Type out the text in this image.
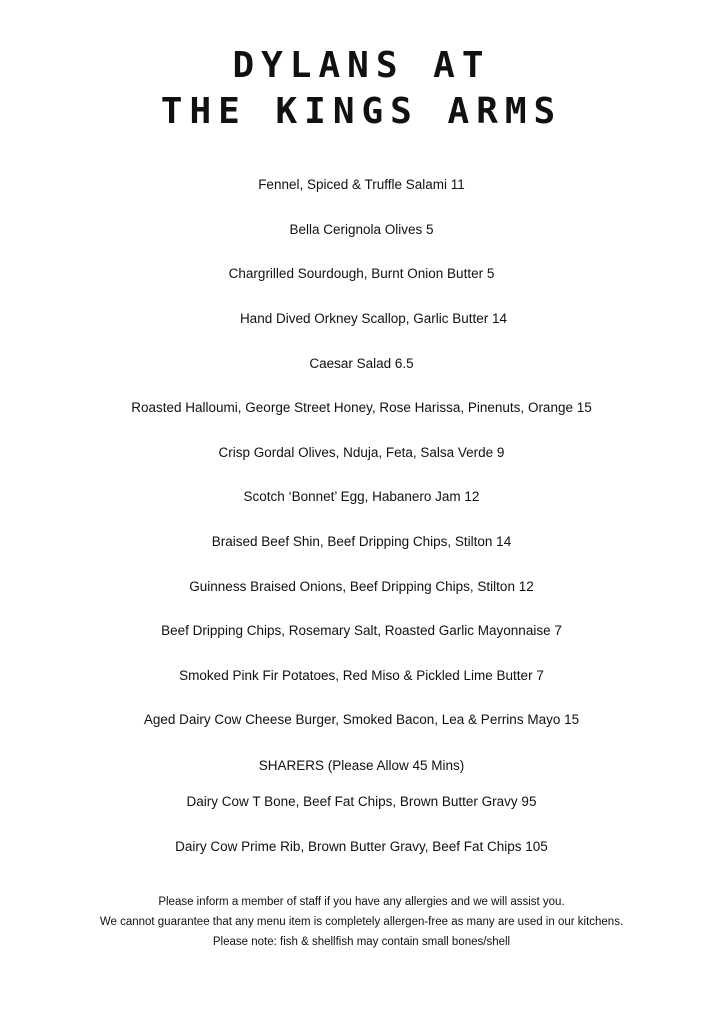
DYLANS AT
THE KINGS ARMS
Fennel, Spiced & Truffle Salami 11
Bella Cerignola Olives 5
Chargrilled Sourdough, Burnt Onion Butter 5
Hand Dived Orkney Scallop, Garlic Butter 14
Caesar Salad 6.5
Roasted Halloumi, George Street Honey, Rose Harissa, Pinenuts, Orange 15
Crisp Gordal Olives, Nduja, Feta, Salsa Verde 9
Scotch ‘Bonnet’ Egg, Habanero Jam 12
Braised Beef Shin, Beef Dripping Chips, Stilton 14
Guinness Braised Onions, Beef Dripping Chips, Stilton 12
Beef Dripping Chips, Rosemary Salt, Roasted Garlic Mayonnaise 7
Smoked Pink Fir Potatoes, Red Miso & Pickled Lime Butter 7
Aged Dairy Cow Cheese Burger, Smoked Bacon, Lea & Perrins Mayo 15
SHARERS (Please Allow 45 Mins)
Dairy Cow T Bone, Beef Fat Chips, Brown Butter Gravy 95
Dairy Cow Prime Rib, Brown Butter Gravy, Beef Fat Chips 105
Please inform a member of staff if you have any allergies and we will assist you.
We cannot guarantee that any menu item is completely allergen-free as many are used in our kitchens.
Please note: fish & shellfish may contain small bones/shell
